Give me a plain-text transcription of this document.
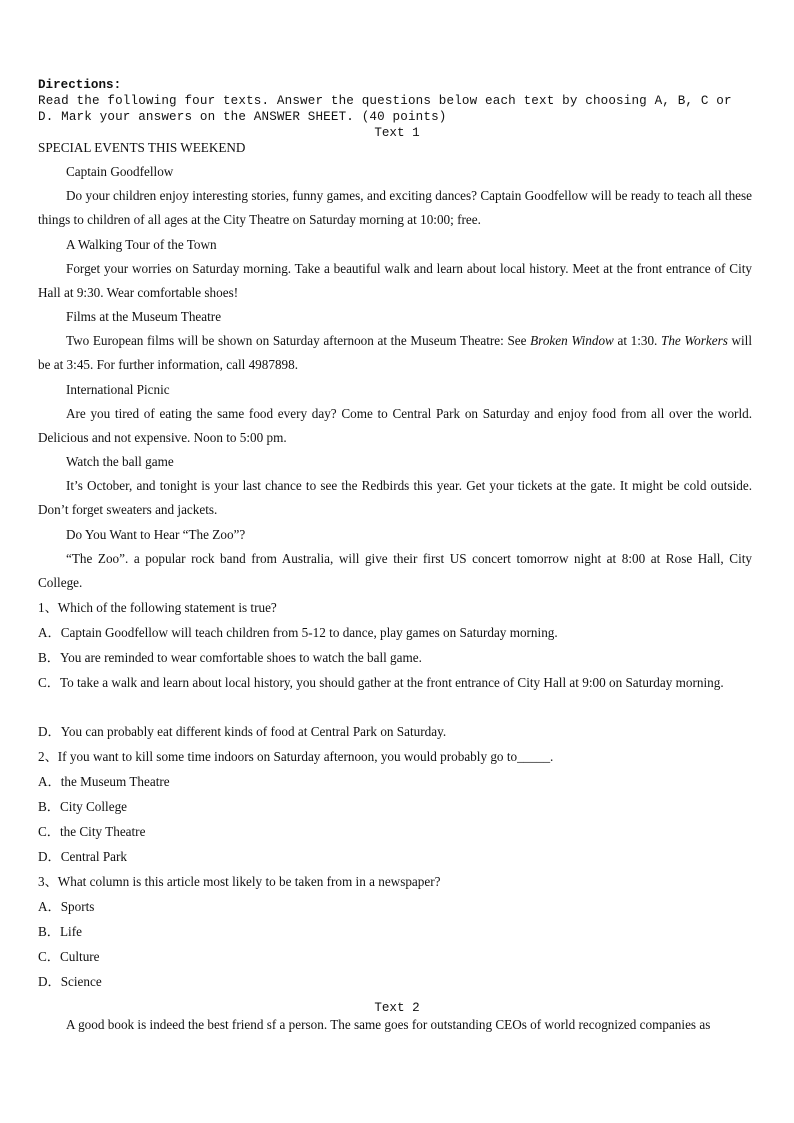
Directions:
Read the following four texts. Answer the questions below each text by choosing A, B, C or D. Mark your answers on the ANSWER SHEET. (40 points)
Text 1
SPECIAL EVENTS THIS WEEKEND
Captain Goodfellow
Do your children enjoy interesting stories, funny games, and exciting dances? Captain Goodfellow will be ready to teach all these things to children of all ages at the City Theatre on Saturday morning at 10:00; free.
A Walking Tour of the Town
Forget your worries on Saturday morning. Take a beautiful walk and learn about local history. Meet at the front entrance of City Hall at 9:30. Wear comfortable shoes!
Films at the Museum Theatre
Two European films will be shown on Saturday afternoon at the Museum Theatre: See Broken Window at 1:30. The Workers will be at 3:45. For further information, call 4987898.
International Picnic
Are you tired of eating the same food every day? Come to Central Park on Saturday and enjoy food from all over the world. Delicious and not expensive. Noon to 5:00 pm.
Watch the ball game
It’s October, and tonight is your last chance to see the Redbirds this year. Get your tickets at the gate. It might be cold outside. Don’t forget sweaters and jackets.
Do You Want to Hear “The Zoo”?
“The Zoo”. a popular rock band from Australia, will give their first US concert tomorrow night at 8:00 at Rose Hall, City College.
1、Which of the following statement is true?
A．Captain Goodfellow will teach children from 5-12 to dance, play games on Saturday morning.
B．You are reminded to wear comfortable shoes to watch the ball game.
C．To take a walk and learn about local history, you should gather at the front entrance of City Hall at 9:00 on Saturday morning.
D．You can probably eat different kinds of food at Central Park on Saturday.
2、If you want to kill some time indoors on Saturday afternoon, you would probably go to_____.
A．the Museum Theatre
B．City College
C．the City Theatre
D．Central Park
3、What column is this article most likely to be taken from in a newspaper?
A．Sports
B．Life
C．Culture
D．Science
Text 2
A good book is indeed the best friend sf a person. The same goes for outstanding CEOs of world recognized companies as
